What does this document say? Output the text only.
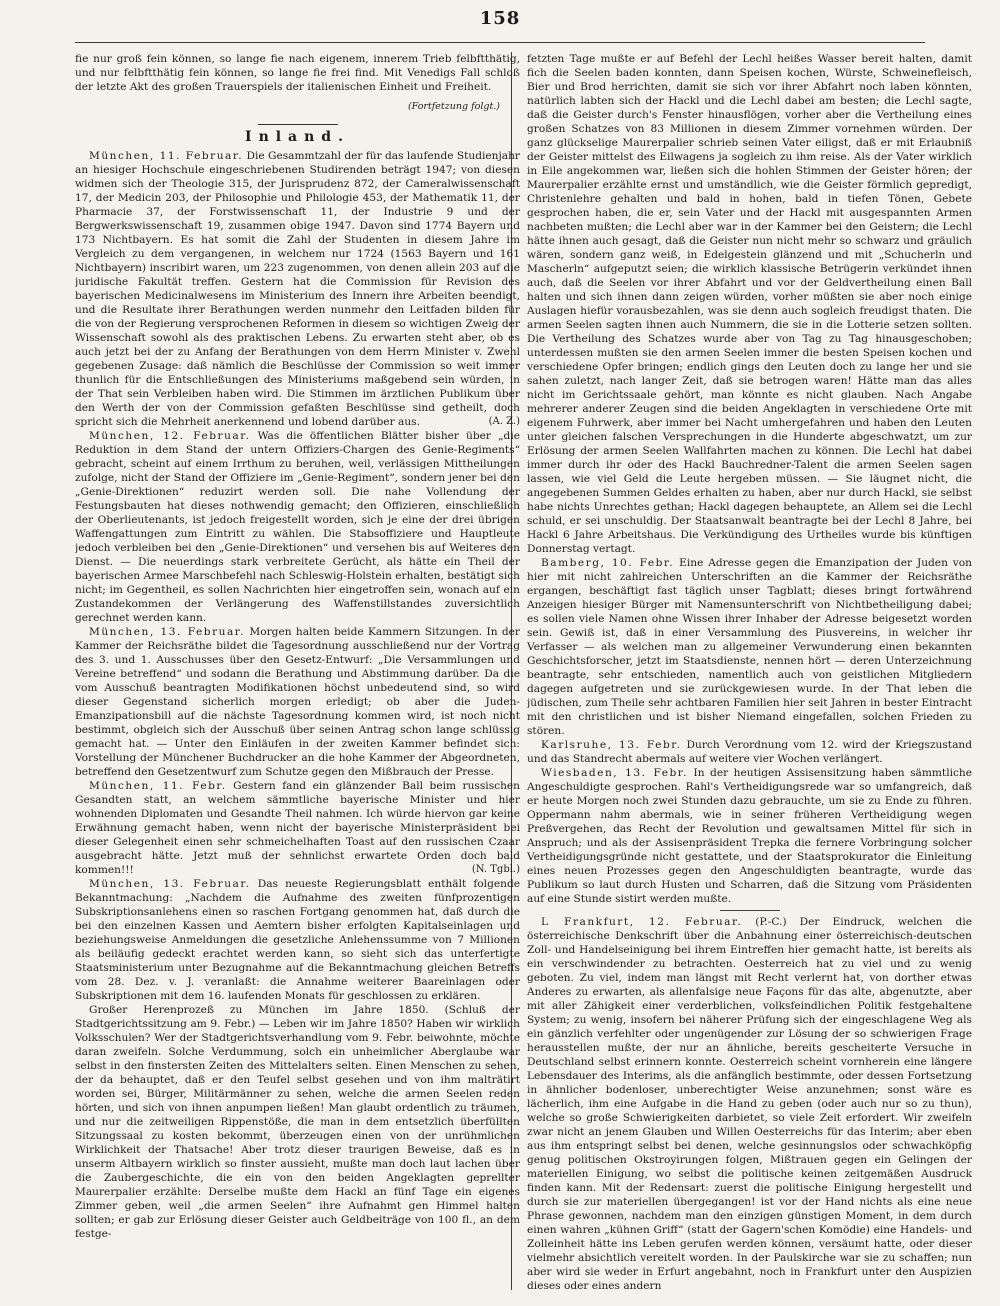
158

fie nur groß fein können, so lange fie nach eigenem, innerem Trieb felbftthätig, und nur felbftthätig fein können, so lange fie frei find. Mit Venedigs Fall schloß der letzte Akt des großen Trauerspiels der italienischen Einheit und Freiheit.

(Fortfetzung folgt.)

Inland.

München, 11. Februar. Die Gesammtzahl der für das laufende Studienjahr an hiesiger Hochschule eingeschriebenen Studirenden beträgt 1947; von diesen widmen sich der Theologie 315, der Jurisprudenz 872, der Cameralwissenschaft 17, der Medicin 203, der Philosophie und Philologie 453, der Mathematik 11, der Pharmacie 37, der Forstwissenschaft 11, der Industrie 9 und der Bergwerkswissenschaft 19, zusammen obige 1947. Davon sind 1774 Bayern und 173 Nichtbayern. Es hat somit die Zahl der Studenten in diesem Jahre im Vergleich zu dem vergangenen, in welchem nur 1724 (1563 Bayern und 161 Nichtbayern) inscribirt waren, um 223 zugenommen, von denen allein 203 auf die juridische Fakultät treffen. Gestern hat die Commission für Revision des bayerischen Medicinalwesens im Ministerium des Innern ihre Arbeiten beendigt, und die Resultate ihrer Berathungen werden nunmehr den Leitfaden bilden für die von der Regierung versprochenen Reformen in diesem so wichtigen Zweig der Wissenschaft sowohl als des praktischen Lebens. Zu erwarten steht aber, ob es auch jetzt bei der zu Anfang der Berathungen von dem Herrn Minister v. Zwehl gegebenen Zusage: daß nämlich die Beschlüsse der Commission so weit immer thunlich für die Entschließungen des Ministeriums maßgebend sein würden, in der That sein Verbleiben haben wird. Die Stimmen im ärztlichen Publikum über den Werth der von der Commission gefaßten Beschlüsse sind getheilt, doch spricht sich die Mehrheit anerkennend und lobend darüber aus.	(A. Z.)

München, 12. Februar. Was die öffentlichen Blätter bisher über „die Reduktion in dem Stand der untern Offiziers-Chargen des Genie-Regiments“ gebracht, scheint auf einem Irrthum zu beruhen, weil, verlässigen Mittheilungen zufolge, nicht der Stand der Offiziere im „Genie-Regiment“, sondern jener bei den „Genie-Direktionen“ reduzirt werden soll. Die nahe Vollendung der Festungsbauten hat dieses nothwendig gemacht; den Offizieren, einschließlich der Oberlieutenants, ist jedoch freigestellt worden, sich je eine der drei übrigen Waffengattungen zum Eintritt zu wählen. Die Stabsoffiziere und Hauptleute jedoch verbleiben bei den „Genie-Direktionen“ und versehen bis auf Weiteres den Dienst. — Die neuerdings stark verbreitete Gerücht, als hätte ein Theil der bayerischen Armee Marschbefehl nach Schleswig-Holstein erhalten, bestätigt sich nicht; im Gegentheil, es sollen Nachrichten hier eingetroffen sein, wonach auf ein Zustandekommen der Verlängerung des Waffenstillstandes zuversichtlich gerechnet werden kann.

München, 13. Februar. Morgen halten beide Kammern Sitzungen. In der Kammer der Reichsräthe bildet die Tagesordnung ausschließend nur der Vortrag des 3. und 1. Ausschusses über den Gesetz-Entwurf: „Die Versammlungen und Vereine betreffend“ und sodann die Berathung und Abstimmung darüber. Da die vom Ausschuß beantragten Modifikationen höchst unbedeutend sind, so wird dieser Gegenstand sicherlich morgen erledigt; ob aber die Juden-Emanzipationsbill auf die nächste Tagesordnung kommen wird, ist noch nicht bestimmt, obgleich sich der Ausschuß über seinen Antrag schon lange schlüssig gemacht hat. — Unter den Einläufen in der zweiten Kammer befindet sich: Vorstellung der Münchener Buchdrucker an die hohe Kammer der Abgeordneten, betreffend den Gesetzentwurf zum Schutze gegen den Mißbrauch der Presse.

München, 11. Febr. Gestern fand ein glänzender Ball beim russischen Gesandten statt, an welchem sämmtliche bayerische Minister und hier wohnenden Diplomaten und Gesandte Theil nahmen. Ich würde hiervon gar keine Erwähnung gemacht haben, wenn nicht der bayerische Ministerpräsident bei dieser Gelegenheit einen sehr schmeichelhaften Toast auf den russischen Czaar ausgebracht hätte. Jetzt muß der sehnlichst erwartete Orden doch bald kommen!!!	(N. Tgbl.)

München, 13. Februar. Das neueste Regierungsblatt enthält folgende Bekanntmachung: „Nachdem die Aufnahme des zweiten fünfprozentigen Subskriptionsanlehens einen so raschen Fortgang genommen hat, daß durch die bei den einzelnen Kassen und Aemtern bisher erfolgten Kapitalseinlagen und beziehungsweise Anmeldungen die gesetzliche Anlehenssumme von 7 Millionen als beiläufig gedeckt erachtet werden kann, so sieht sich das unterfertigte Staatsministerium unter Bezugnahme auf die Bekanntmachung gleichen Betreffs vom 28. Dez. v. J. veranlaßt: die Annahme weiterer Baareinlagen oder Subskriptionen mit dem 16. laufenden Monats für geschlossen zu erklären.

Großer Herenprozeß zu München im Jahre 1850. (Schluß der Stadtgerichtssitzung am 9. Febr.) — Leben wir im Jahre 1850? Haben wir wirklich Volksschulen? Wer der Stadtgerichtsverhandlung vom 9. Febr. beiwohnte, möchte daran zweifeln. Solche Verdummung, solch ein unheimlicher Aberglaube war selbst in den finstersten Zeiten des Mittelalters selten. Einen Menschen zu sehen, der da behauptet, daß er den Teufel selbst gesehen und von ihm malträtirt worden sei, Bürger, Militärmänner zu sehen, welche die armen Seelen reden hörten, und sich von ihnen anpumpen ließen! Man glaubt ordentlich zu träumen, und nur die zeitweiligen Rippenstöße, die man in dem entsetzlich überfüllten Sitzungssaal zu kosten bekommt, überzeugen einen von der unrühmlichen Wirklichkeit der Thatsache! Aber trotz dieser traurigen Beweise, daß es in unserm Altbayern wirklich so finster aussieht, mußte man doch laut lachen über die Zaubergeschichte, die ein von den beiden Angeklagten geprellter Maurerpalier erzählte: Derselbe mußte dem Hackl an fünf Tage ein eigenes Zimmer geben, weil „die armen Seelen“ ihre Aufnahmt gen Himmel halten sollten; er gab zur Erlösung dieser Geister auch Geldbeiträge von 100 fl., an dem festge-

fetzten Tage mußte er auf Befehl der Lechl heißes Wasser bereit halten, damit fich die Seelen baden konnten, dann Speisen kochen, Würste, Schweinefleisch, Bier und Brod herrichten, damit sie sich vor ihrer Abfahrt noch laben könnten, natürlich labten sich der Hackl und die Lechl dabei am besten; die Lechl sagte, daß die Geister durch's Fenster hinausflögen, vorher aber die Vertheilung eines großen Schatzes von 83 Millionen in diesem Zimmer vornehmen würden. Der ganz glückselige Maurerpalier schrieb seinen Vater eiligst, daß er mit Erlaubniß der Geister mittelst des Eilwagens ja sogleich zu ihm reise. Als der Vater wirklich in Eile angekommen war, ließen sich die hohlen Stimmen der Geister hören; der Maurerpalier erzählte ernst und umständlich, wie die Geister förmlich gepredigt, Christenlehre gehalten und bald in hohen, bald in tiefen Tönen, Gebete gesprochen haben, die er, sein Vater und der Hackl mit ausgespannten Armen nachbeten mußten; die Lechl aber war in der Kammer bei den Geistern; die Lechl hätte ihnen auch gesagt, daß die Geister nun nicht mehr so schwarz und gräulich wären, sondern ganz weiß, in Edelgestein glänzend und mit „Schucherln und Mascherln“ aufgeputzt seien; die wirklich klassische Betrügerin verkündet ihnen auch, daß die Seelen vor ihrer Abfahrt und vor der Geldvertheilung einen Ball halten und sich ihnen dann zeigen würden, vorher müßten sie aber noch einige Auslagen hiefür vorausbezahlen, was sie denn auch sogleich freudigst thaten. Die armen Seelen sagten ihnen auch Nummern, die sie in die Lotterie setzen sollten. Die Vertheilung des Schatzes wurde aber von Tag zu Tag hinausgeschoben; unterdessen mußten sie den armen Seelen immer die besten Speisen kochen und verschiedene Opfer bringen; endlich gings den Leuten doch zu lange her und sie sahen zuletzt, nach langer Zeit, daß sie betrogen waren! Hätte man das alles nicht im Gerichtssaale gehört, man könnte es nicht glauben. Nach Angabe mehrerer anderer Zeugen sind die beiden Angeklagten in verschiedene Orte mit eigenem Fuhrwerk, aber immer bei Nacht umhergefahren und haben den Leuten unter gleichen falschen Versprechungen in die Hunderte abgeschwatzt, um zur Erlösung der armen Seelen Wallfahrten machen zu können. Die Lechl hat dabei immer durch ihr oder des Hackl Bauchredner-Talent die armen Seelen sagen lassen, wie viel Geld die Leute hergeben müssen. — Sie läugnet nicht, die angegebenen Summen Geldes erhalten zu haben, aber nur durch Hackl, sie selbst habe nichts Unrechtes gethan; Hackl dagegen behauptete, an Allem sei die Lechl schuld, er sei unschuldig. Der Staatsanwalt beantragte bei der Lechl 8 Jahre, bei Hackl 6 Jahre Arbeitshaus. Die Verkündigung des Urtheiles wurde bis künftigen Donnerstag vertagt.

Bamberg, 10. Febr. Eine Adresse gegen die Emanzipation der Juden von hier mit nicht zahlreichen Unterschriften an die Kammer der Reichsräthe ergangen, beschäftigt fast täglich unser Tagblatt; dieses bringt fortwährend Anzeigen hiesiger Bürger mit Namensunterschrift von Nichtbetheiligung dabei; es sollen viele Namen ohne Wissen ihrer Inhaber der Adresse beigesetzt worden sein. Gewiß ist, daß in einer Versammlung des Piusvereins, in welcher ihr Verfasser — als welchen man zu allgemeiner Verwunderung einen bekannten Geschichtsforscher, jetzt im Staatsdienste, nennen hört — deren Unterzeichnung beantragte, sehr entschieden, namentlich auch von geistlichen Mitgliedern dagegen aufgetreten und sie zurückgewiesen wurde. In der That leben die jüdischen, zum Theile sehr achtbaren Familien hier seit Jahren in bester Eintracht mit den christlichen und ist bisher Niemand eingefallen, solchen Frieden zu stören.

Karlsruhe, 13. Febr. Durch Verordnung vom 12. wird der Kriegszustand und das Standrecht abermals auf weitere vier Wochen verlängert.

Wiesbaden, 13. Febr. In der heutigen Assisensitzung haben sämmtliche Angeschuldigte gesprochen. Rahl's Vertheidigungsrede war so umfangreich, daß er heute Morgen noch zwei Stunden dazu gebrauchte, um sie zu Ende zu führen. Oppermann nahm abermals, wie in seiner früheren Vertheidigung wegen Preßvergehen, das Recht der Revolution und gewaltsamen Mittel für sich in Anspruch; und als der Assisenpräsident Trepka die fernere Vorbringung solcher Vertheidigungsgründe nicht gestattete, und der Staatsprokurator die Einleitung eines neuen Prozesses gegen den Angeschuldigten beantragte, wurde das Publikum so laut durch Husten und Scharren, daß die Sitzung vom Präsidenten auf eine Stunde sistirt werden mußte.

L Frankfurt, 12. Februar. (P.-C.) Der Eindruck, welchen die österreichische Denkschrift über die Anbahnung einer österreichisch-deutschen Zoll- und Handelseinigung bei ihrem Eintreffen hier gemacht hatte, ist bereits als ein verschwindender zu betrachten. Oesterreich hat zu viel und zu wenig geboten. Zu viel, indem man längst mit Recht verlernt hat, von dorther etwas Anderes zu erwarten, als allenfalsige neue Façons für das alte, abgenutzte, aber mit aller Zähigkeit einer verderblichen, volksfeindlichen Politik festgehaltene System; zu wenig, insofern bei näherer Prüfung sich der eingeschlagene Weg als ein gänzlich verfehlter oder ungenügender zur Lösung der so schwierigen Frage herausstellen mußte, der nur an ähnliche, bereits gescheiterte Versuche in Deutschland selbst erinnern konnte. Oesterreich scheint vornherein eine längere Lebensdauer des Interims, als die anfänglich bestimmte, oder dessen Fortsetzung in ähnlicher bodenloser, unberechtigter Weise anzunehmen; sonst wäre es lächerlich, ihm eine Aufgabe in die Hand zu geben (oder auch nur so zu thun), welche so große Schwierigkeiten darbietet, so viele Zeit erfordert. Wir zweifeln zwar nicht an jenem Glauben und Willen Oesterreichs für das Interim; aber eben aus ihm entspringt selbst bei denen, welche gesinnungslos oder schwachköpfig genug politischen Okstroyirungen folgen, Mißtrauen gegen ein Gelingen der materiellen Einigung, wo selbst die politische keinen zeitgemäßen Ausdruck finden kann. Mit der Redensart: zuerst die politische Einigung hergestellt und durch sie zur materiellen übergegangen! ist vor der Hand nichts als eine neue Phrase gewonnen, nachdem man den einzigen günstigen Moment, in dem durch einen wahren „kühnen Griff“ (statt der Gagern'schen Komödie) eine Handels- und Zolleinheit hätte ins Leben gerufen werden können, versäumt hatte, oder dieser vielmehr absichtlich vereitelt worden. In der Paulskirche war sie zu schaffen; nun aber wird sie weder in Erfurt angebahnt, noch in Frankfurt unter den Auspizien dieses oder eines andern
